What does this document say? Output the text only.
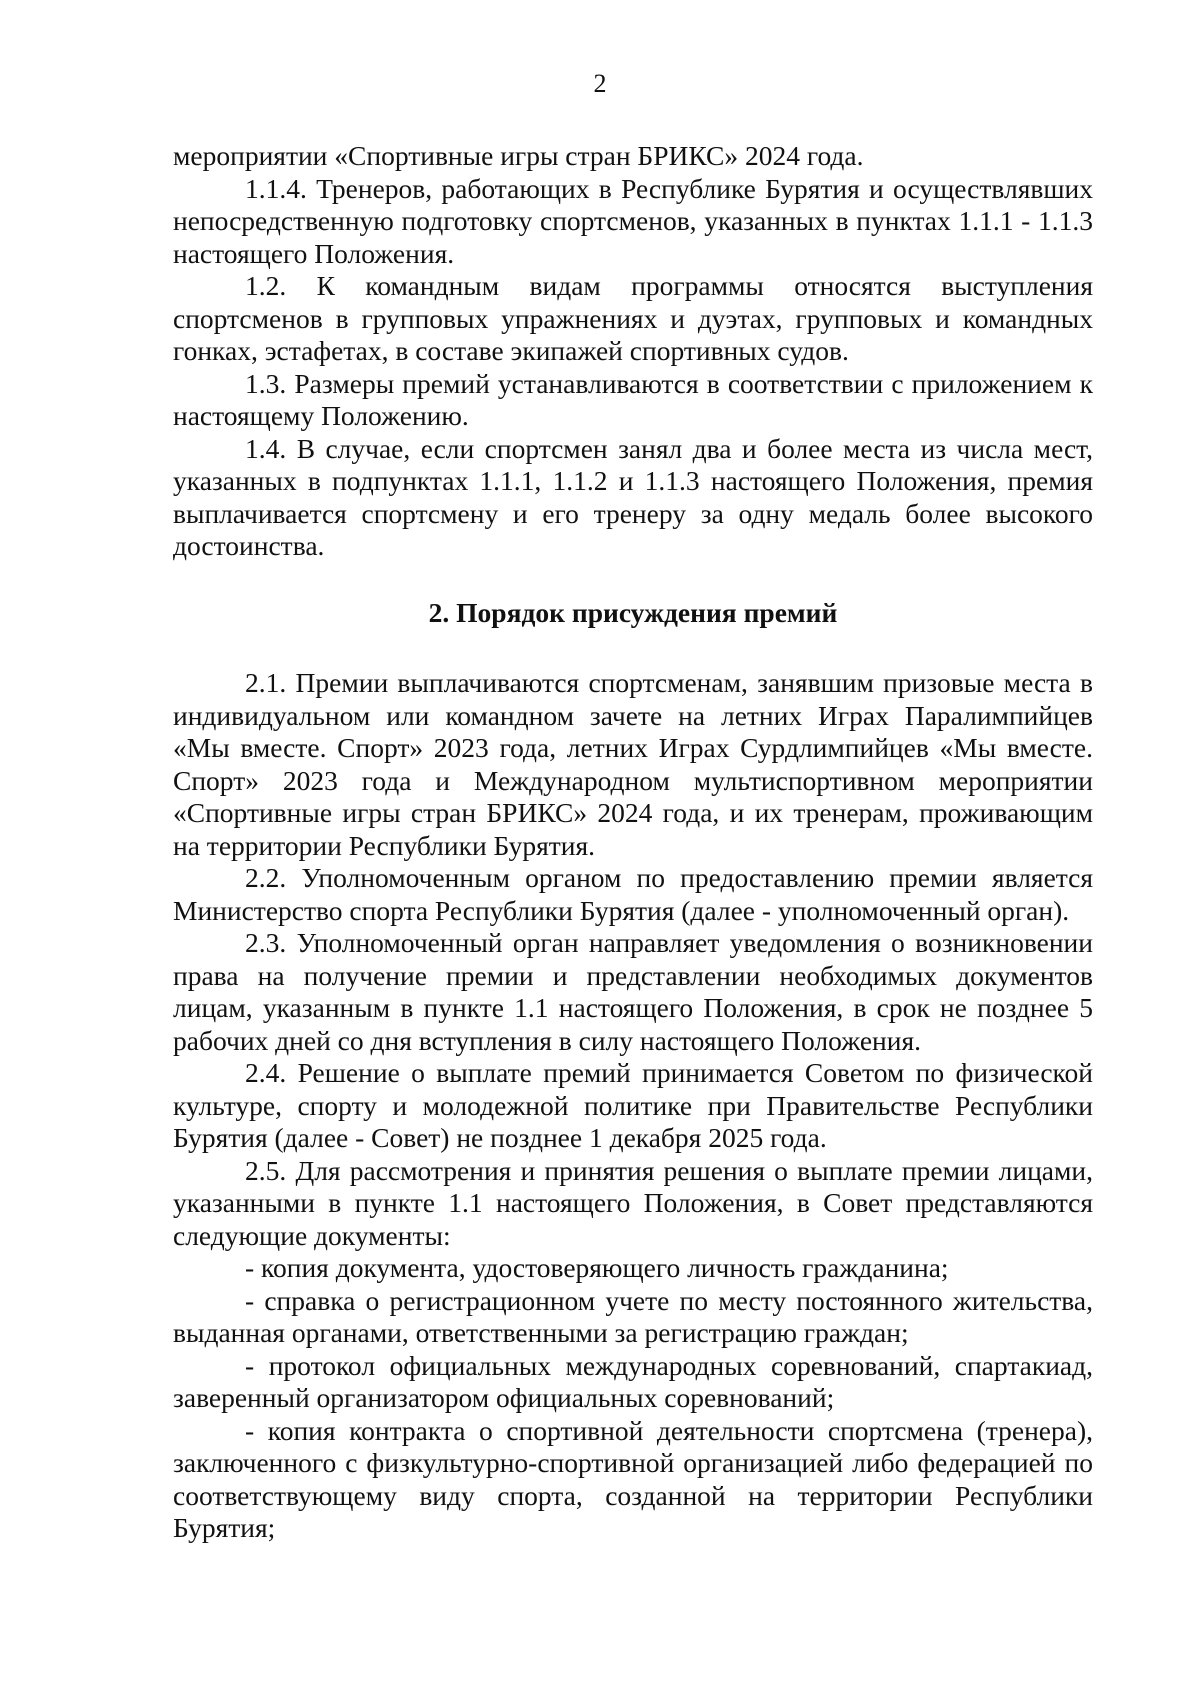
2

мероприятии «Спортивные игры стран БРИКС» 2024 года.

1.1.4. Тренеров, работающих в Республике Бурятия и осуществлявших непосредственную подготовку спортсменов, указанных в пунктах 1.1.1 - 1.1.3 настоящего Положения.

1.2. К командным видам программы относятся выступления спортсменов в групповых упражнениях и дуэтах, групповых и командных гонках, эстафетах, в составе экипажей спортивных судов.

1.3. Размеры премий устанавливаются в соответствии с приложением к настоящему Положению.

1.4. В случае, если спортсмен занял два и более места из числа мест, указанных в подпунктах 1.1.1, 1.1.2 и 1.1.3 настоящего Положения, премия выплачивается спортсмену и его тренеру за одну медаль более высокого достоинства.

2. Порядок присуждения премий

2.1. Премии выплачиваются спортсменам, занявшим призовые места в индивидуальном или командном зачете на летних Играх Паралимпийцев «Мы вместе. Спорт» 2023 года, летних Играх Сурдлимпийцев «Мы вместе. Спорт» 2023 года и Международном мультиспортивном мероприятии «Спортивные игры стран БРИКС» 2024 года, и их тренерам, проживающим на территории Республики Бурятия.

2.2. Уполномоченным органом по предоставлению премии является Министерство спорта Республики Бурятия (далее - уполномоченный орган).

2.3. Уполномоченный орган направляет уведомления о возникновении права на получение премии и представлении необходимых документов лицам, указанным в пункте 1.1 настоящего Положения, в срок не позднее 5 рабочих дней со дня вступления в силу настоящего Положения.

2.4. Решение о выплате премий принимается Советом по физической культуре, спорту и молодежной политике при Правительстве Республики Бурятия (далее - Совет) не позднее 1 декабря 2025 года.

2.5. Для рассмотрения и принятия решения о выплате премии лицами, указанными в пункте 1.1 настоящего Положения, в Совет представляются следующие документы:

- копия документа, удостоверяющего личность гражданина;

- справка о регистрационном учете по месту постоянного жительства, выданная органами, ответственными за регистрацию граждан;

- протокол официальных международных соревнований, спартакиад, заверенный организатором официальных соревнований;

- копия контракта о спортивной деятельности спортсмена (тренера), заключенного с физкультурно-спортивной организацией либо федерацией по соответствующему виду спорта, созданной на территории Республики Бурятия;
